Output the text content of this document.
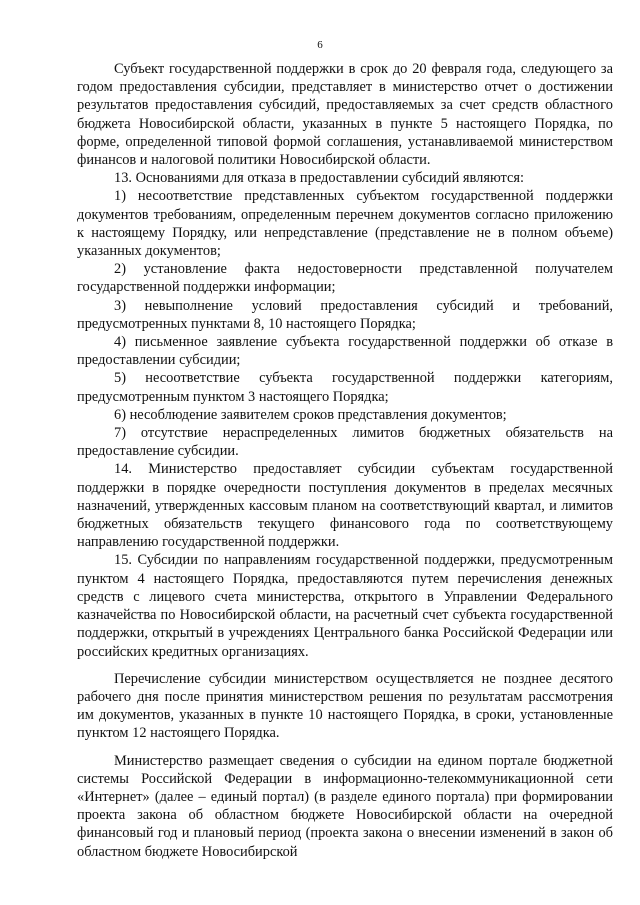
6

Субъект государственной поддержки в срок до 20 февраля года, следующего за годом предоставления субсидии, представляет в министерство отчет о достижении результатов предоставления субсидий, предоставляемых за счет средств областного бюджета Новосибирской области, указанных в пункте 5 настоящего Порядка, по форме, определенной типовой формой соглашения, устанавливаемой министерством финансов и налоговой политики Новосибирской области.

13. Основаниями для отказа в предоставлении субсидий являются:

1) несоответствие представленных субъектом государственной поддержки документов требованиям, определенным перечнем документов согласно приложению к настоящему Порядку, или непредставление (представление не в полном объеме) указанных документов;

2) установление факта недостоверности представленной получателем государственной поддержки информации;

3) невыполнение условий предоставления субсидий и требований, предусмотренных пунктами 8, 10 настоящего Порядка;

4) письменное заявление субъекта государственной поддержки об отказе в предоставлении субсидии;

5) несоответствие субъекта государственной поддержки категориям, предусмотренным пунктом 3 настоящего Порядка;

6) несоблюдение заявителем сроков представления документов;

7) отсутствие нераспределенных лимитов бюджетных обязательств на предоставление субсидии.

14. Министерство предоставляет субсидии субъектам государственной поддержки в порядке очередности поступления документов в пределах месячных назначений, утвержденных кассовым планом на соответствующий квартал, и лимитов бюджетных обязательств текущего финансового года по соответствующему направлению государственной поддержки.

15. Субсидии по направлениям государственной поддержки, предусмотренным пунктом 4 настоящего Порядка, предоставляются путем перечисления денежных средств с лицевого счета министерства, открытого в Управлении Федерального казначейства по Новосибирской области, на расчетный счет субъекта государственной поддержки, открытый в учреждениях Центрального банка Российской Федерации или российских кредитных организациях.

Перечисление субсидии министерством осуществляется не позднее десятого рабочего дня после принятия министерством решения по результатам рассмотрения им документов, указанных в пункте 10 настоящего Порядка, в сроки, установленные пунктом 12 настоящего Порядка.

Министерство размещает сведения о субсидии на едином портале бюджетной системы Российской Федерации в информационно-телекоммуникационной сети «Интернет» (далее – единый портал) (в разделе единого портала) при формировании проекта закона об областном бюджете Новосибирской области на очередной финансовый год и плановый период (проекта закона о внесении изменений в закон об областном бюджете Новосибирской
